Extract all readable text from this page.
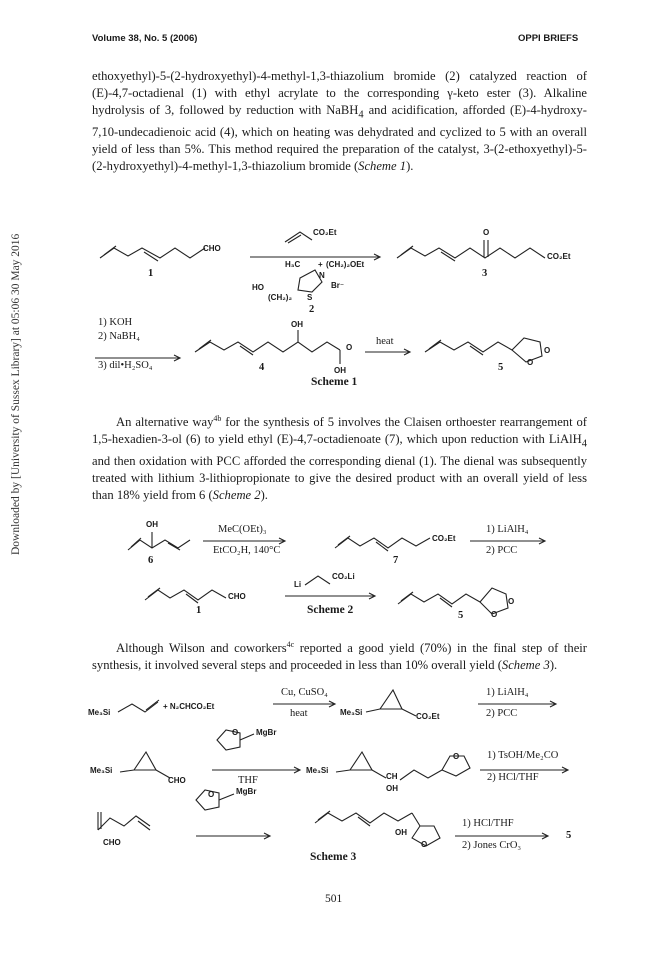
Volume 38, No. 5 (2006)	OPPI BRIEFS
Downloaded by [University of Sussex Library] at 05:06 30 May 2016

ethoxyethyl)-5-(2-hydroxyethyl)-4-methyl-1,3-thiazolium bromide (2) catalyzed reaction of (E)-4,7-octadienal (1) with ethyl acrylate to the corresponding γ-keto ester (3). Alkaline hydrolysis of 3, followed by reduction with NaBH$_4$ and acidification, afforded (E)-4-hydroxy-7,10-undecadienoic acid (4), which on heating was dehydrated and cyclized to 5 with an overall yield of less than 5%. This method required the preparation of the catalyst, 3-(2-ethoxyethyl)-5-(2-hydroxyethyl)-4-methyl-1,3-thiazolium bromide (Scheme 1).

CHO
1
CO₂Et
H₃C + (CH₂)₂OEt
N
Br⁻
S
HO
(CH₂)₂
2
O
CO₂Et
3
1) KOH
2) NaBH₄
3) dil•H₂SO₄
OH
O
OH
4
heat
O
O
5
Scheme 1

An alternative way$^{4b}$ for the synthesis of 5 involves the Claisen orthoester rearrangement of 1,5-hexadien-3-ol (6) to yield ethyl (E)-4,7-octadienoate (7), which upon reduction with LiAlH$_4$ and then oxidation with PCC afforded the corresponding dienal (1). The dienal was subsequently treated with lithium 3-lithiopropionate to give the desired product with an overall yield of less than 18% yield from 6 (Scheme 2).

OH
6
MeC(OEt)₃
EtCO₂H, 140°C
CO₂Et
7
1) LiAlH₄
2) PCC
CHO
1
Li
CO₂Li
Scheme 2
O
O
5

Although Wilson and coworkers$^{4c}$ reported a good yield (70%) in the final step of their synthesis, it involved several steps and proceeded in less than 10% overall yield (Scheme 3).

Me₃Si
+ N₂CHCO₂Et
Cu, CuSO₄
heat	Me₃Si	CO₂Et
1) LiAlH₄
2) PCC
Me₃Si
CHO
MgBr
O
THF
Me₃Si
CH
OH
O	1) TsOH/Me₂CO
2) HCl/THF
CHO
MgBr
O
OH
O
1) HCl/THF
2) Jones CrO₃
5
Scheme 3
501
